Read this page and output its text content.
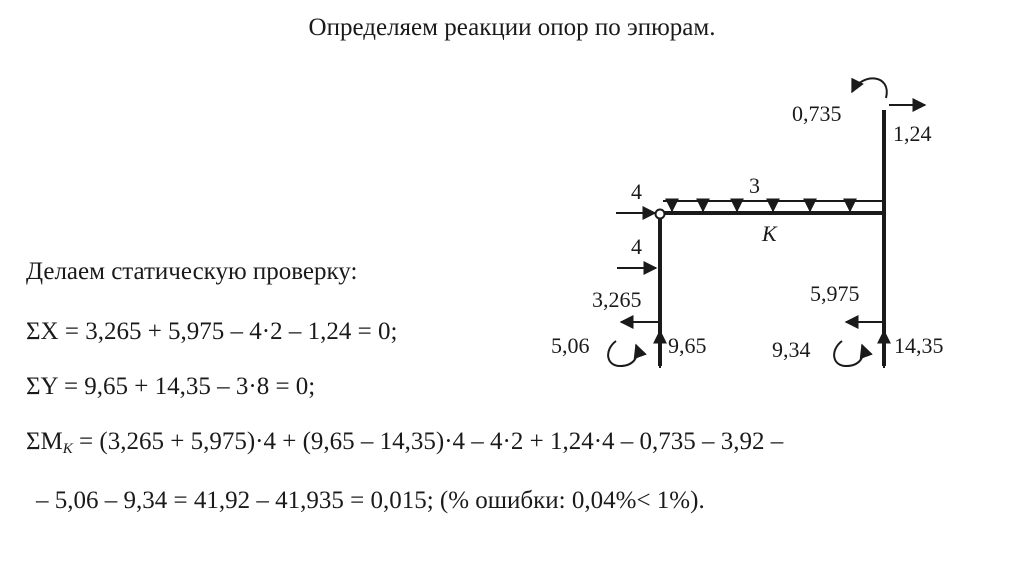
Определяем реакции опор по эпюрам.
0,735
1,24
3
K
4
4
3,265
5,06	9,65
5,975
9,34	14,35
Делаем статическую проверку:
ΣX = 3,265 + 5,975 – 4·2 – 1,24 = 0;
ΣY = 9,65 + 14,35 – 3·8 = 0;
$\Sigma M_K = (3,265 + 5,975)\cdot 4 + (9,65 - 14,35)\cdot 4 - 4\cdot 2 + 1,24\cdot 4 - 0,735 - 3,92$ –
– 5,06 – 9,34 = 41,92 – 41,935 = 0,015; (% ошибки: 0,04%< 1%).
